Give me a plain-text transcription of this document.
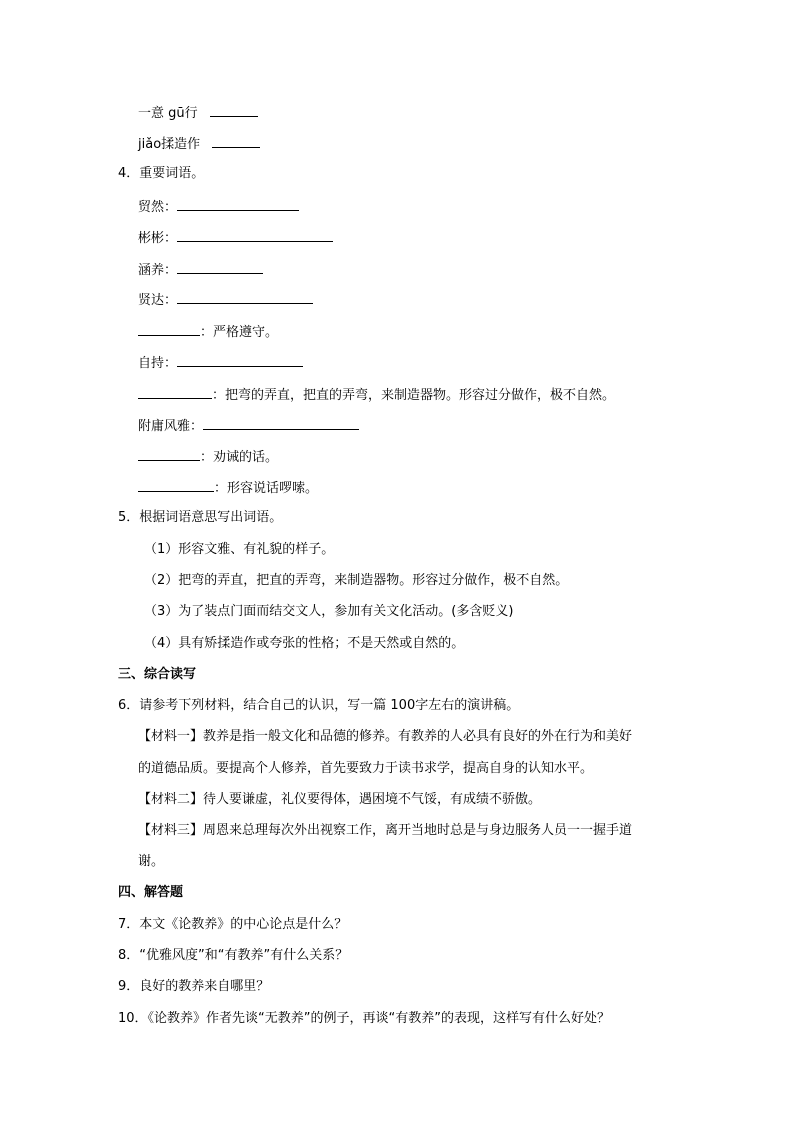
一意 gū行
jiǎo揉造作
4．重要词语。
贸然：
彬彬：
涵养：
贤达：
：严格遵守。
自持：
：把弯的弄直，把直的弄弯，来制造器物。形容过分做作，极不自然。
附庸风雅：
：劝诫的话。
：形容说话啰嗦。
5．根据词语意思写出词语。
（1）形容文雅、有礼貌的样子。
（2）把弯的弄直，把直的弄弯，来制造器物。形容过分做作，极不自然。
（3）为了装点门面而结交文人，参加有关文化活动。(多含贬义)
（4）具有矫揉造作或夸张的性格；不是天然或自然的。
三、综合读写
6．请参考下列材料，结合自己的认识，写一篇 100字左右的演讲稿。
【材料一】教养是指一般文化和品德的修养。有教养的人必具有良好的外在行为和美好
的道德品质。要提高个人修养，首先要致力于读书求学，提高自身的认知水平。
【材料二】待人要谦虚，礼仪要得体，遇困境不气馁，有成绩不骄傲。
【材料三】周恩来总理每次外出视察工作，离开当地时总是与身边服务人员一一握手道
谢。
四、解答题
7．本文《论教养》的中心论点是什么？
8．“优雅风度”和“有教养”有什么关系？
9．良好的教养来自哪里？
10．《论教养》作者先谈“无教养”的例子，再谈“有教养”的表现，这样写有什么好处？
